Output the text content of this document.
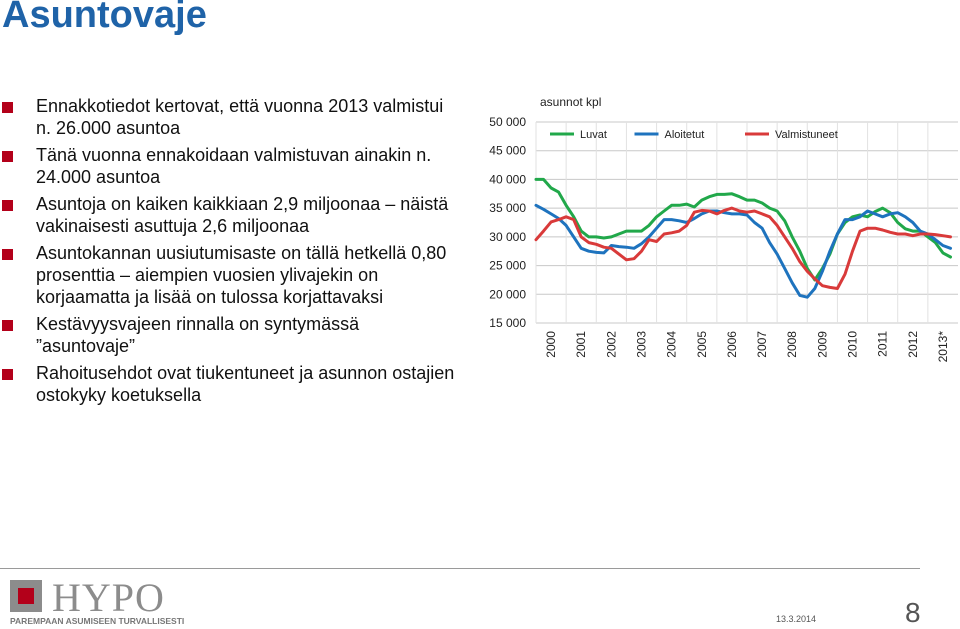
Asuntovaje
Ennakkotiedot kertovat, että vuonna 2013 valmistui n. 26.000 asuntoa
Tänä vuonna ennakoidaan valmistuvan ainakin n. 24.000 asuntoa
Asuntoja on kaiken kaikkiaan 2,9 miljoonaa – näistä vakinaisesti asuttuja 2,6 miljoonaa
Asuntokannan uusiutumisaste on tällä hetkellä 0,80 prosenttia – aiempien vuosien ylivajekin on korjaamatta ja lisää on tulossa korjattavaksi
Kestävyysvajeen rinnalla on syntymässä ”asuntovaje”
Rahoitusehdot ovat tiukentuneet ja asunnon ostajien ostokyky koetuksella
asunnot kpl
50 000
45 000
40 000
35 000
30 000
25 000
20 000
15 000
2000 2001 2002 2003 2004 2005 2006 2007 2008 2009 2010 2011 2012 2013*
Luvat	Aloitetut	Valmistuneet
HYPO
PAREMPAAN ASUMISEEN TURVALLISESTI	13.3.2014	8
